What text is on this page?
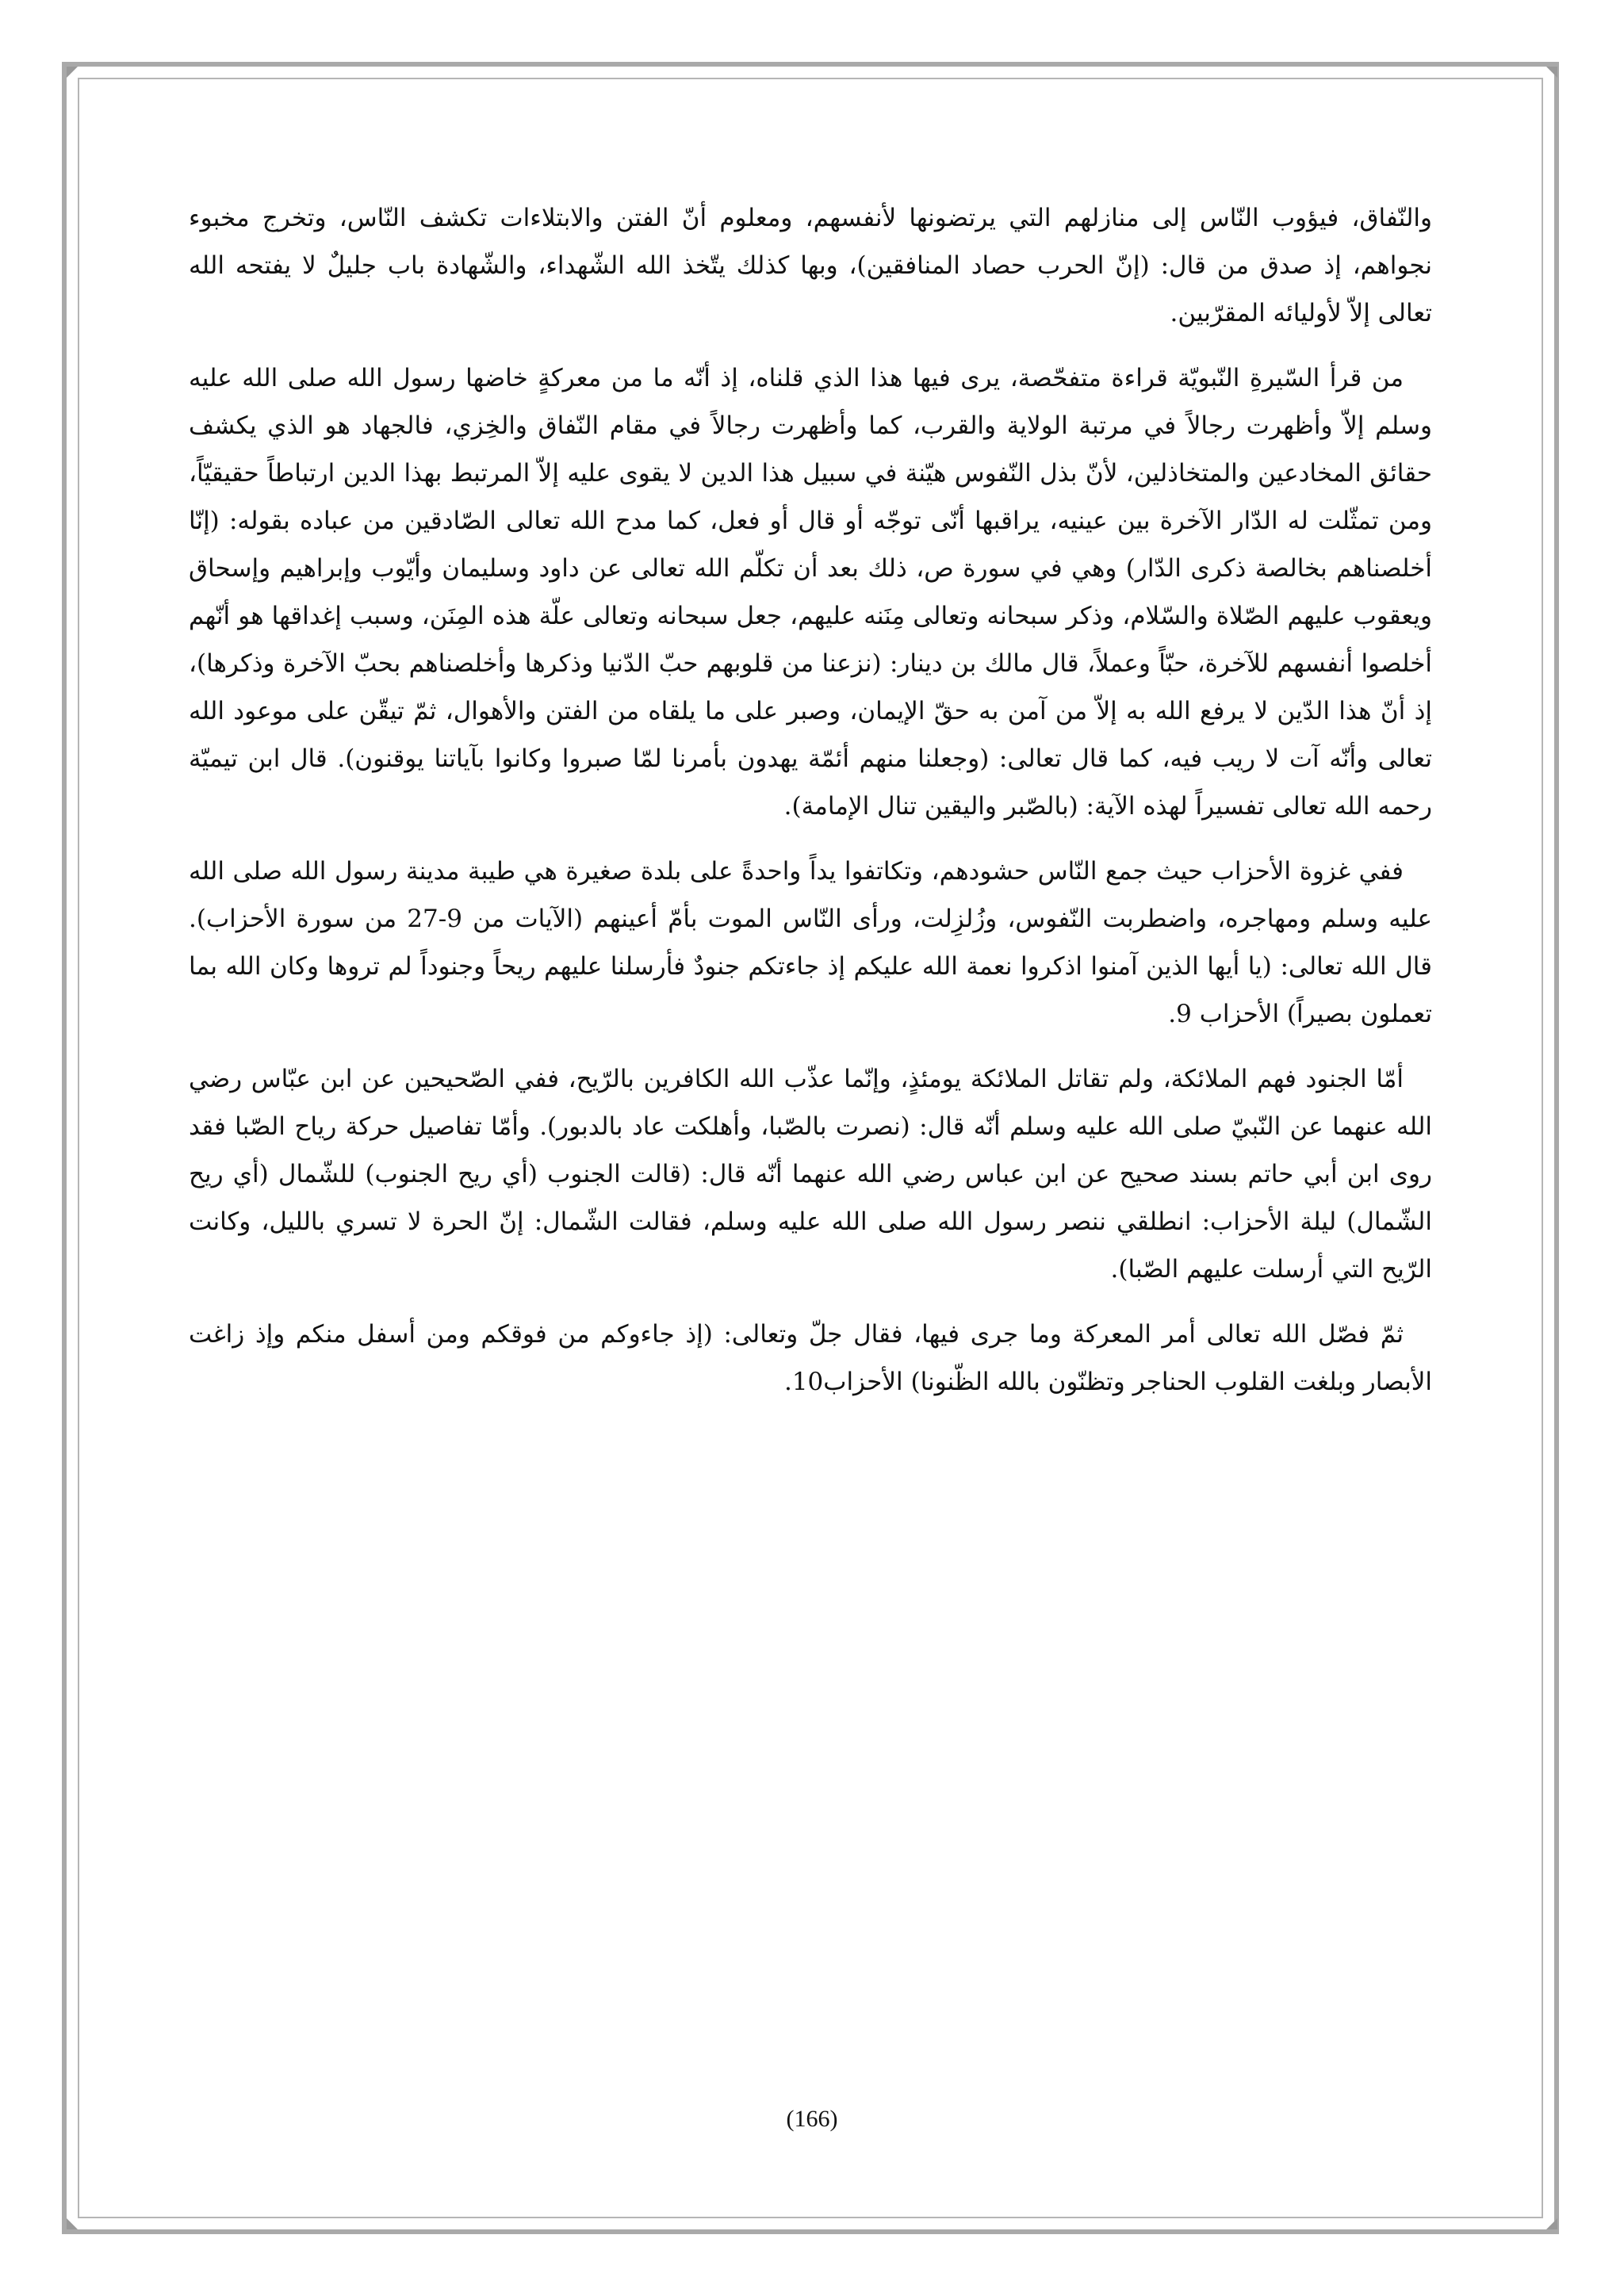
والنّفاق، فيؤوب النّاس إلى منازلهم التي يرتضونها لأنفسهم، ومعلوم أنّ الفتن والابتلاءات تكشف النّاس، وتخرج مخبوء نجواهم، إذ صدق من قال: (إنّ الحرب حصاد المنافقين)، وبها كذلك يتّخذ الله الشّهداء، والشّهادة باب جليلٌ لا يفتحه الله تعالى إلاّ لأوليائه المقرّبين.

من قرأ السّيرةِ النّبويّة قراءة متفحّصة، يرى فيها هذا الذي قلناه، إذ أنّه ما من معركةٍ خاضها رسول الله صلى الله عليه وسلم إلاّ وأظهرت رجالاً في مرتبة الولاية والقرب، كما وأظهرت رجالاً في مقام النّفاق والخِزي، فالجهاد هو الذي يكشف حقائق المخادعين والمتخاذلين، لأنّ بذل النّفوس هيّنة في سبيل هذا الدين لا يقوى عليه إلاّ المرتبط بهذا الدين ارتباطاً حقيقيّاً، ومن تمثّلت له الدّار الآخرة بين عينيه، يراقبها أنّى توجّه أو قال أو فعل، كما مدح الله تعالى الصّادقين من عباده بقوله: (إنّا أخلصناهم بخالصة ذكرى الدّار) وهي في سورة ص، ذلك بعد أن تكلّم الله تعالى عن داود وسليمان وأيّوب وإبراهيم وإسحاق ويعقوب عليهم الصّلاة والسّلام، وذكر سبحانه وتعالى مِنَنه عليهم، جعل سبحانه وتعالى علّة هذه المِنَن، وسبب إغداقها هو أنّهم أخلصوا أنفسهم للآخرة، حبّاً وعملاً، قال مالك بن دينار: (نزعنا من قلوبهم حبّ الدّنيا وذكرها وأخلصناهم بحبّ الآخرة وذكرها)، إذ أنّ هذا الدّين لا يرفع الله به إلاّ من آمن به حقّ الإيمان، وصبر على ما يلقاه من الفتن والأهوال، ثمّ تيقّن على موعود الله تعالى وأنّه آت لا ريب فيه، كما قال تعالى: (وجعلنا منهم أئمّة يهدون بأمرنا لمّا صبروا وكانوا بآياتنا يوقنون). قال ابن تيميّة رحمه الله تعالى تفسيراً لهذه الآية: (بالصّبر واليقين تنال الإمامة).

ففي غزوة الأحزاب حيث جمع النّاس حشودهم، وتكاتفوا يداً واحدةً على بلدة صغيرة هي طيبة مدينة رسول الله صلى الله عليه وسلم ومهاجره، واضطربت النّفوس، وزُلزِلت، ورأى النّاس الموت بأمّ أعينهم (الآيات من 9-27 من سورة الأحزاب). قال الله تعالى: (يا أيها الذين آمنوا اذكروا نعمة الله عليكم إذ جاءتكم جنودٌ فأرسلنا عليهم ريحاً وجنوداً لم تروها وكان الله بما تعملون بصيراً) الأحزاب 9.

أمّا الجنود فهم الملائكة، ولم تقاتل الملائكة يومئذٍ، وإنّما عذّب الله الكافرين بالرّيح، ففي الصّحيحين عن ابن عبّاس رضي الله عنهما عن النّبيّ صلى الله عليه وسلم أنّه قال: (نصرت بالصّبا، وأهلكت عاد بالدبور). وأمّا تفاصيل حركة رياح الصّبا فقد روى ابن أبي حاتم بسند صحيح عن ابن عباس رضي الله عنهما أنّه قال: (قالت الجنوب (أي ريح الجنوب) للشّمال (أي ريح الشّمال) ليلة الأحزاب: انطلقي ننصر رسول الله صلى الله عليه وسلم، فقالت الشّمال: إنّ الحرة لا تسري بالليل، وكانت الرّيح التي أرسلت عليهم الصّبا).

ثمّ فصّل الله تعالى أمر المعركة وما جرى فيها، فقال جلّ وتعالى: (إذ جاءوكم من فوقكم ومن أسفل منكم وإذ زاغت الأبصار وبلغت القلوب الحناجر وتظنّون بالله الظّنونا) الأحزاب10.

(166)
